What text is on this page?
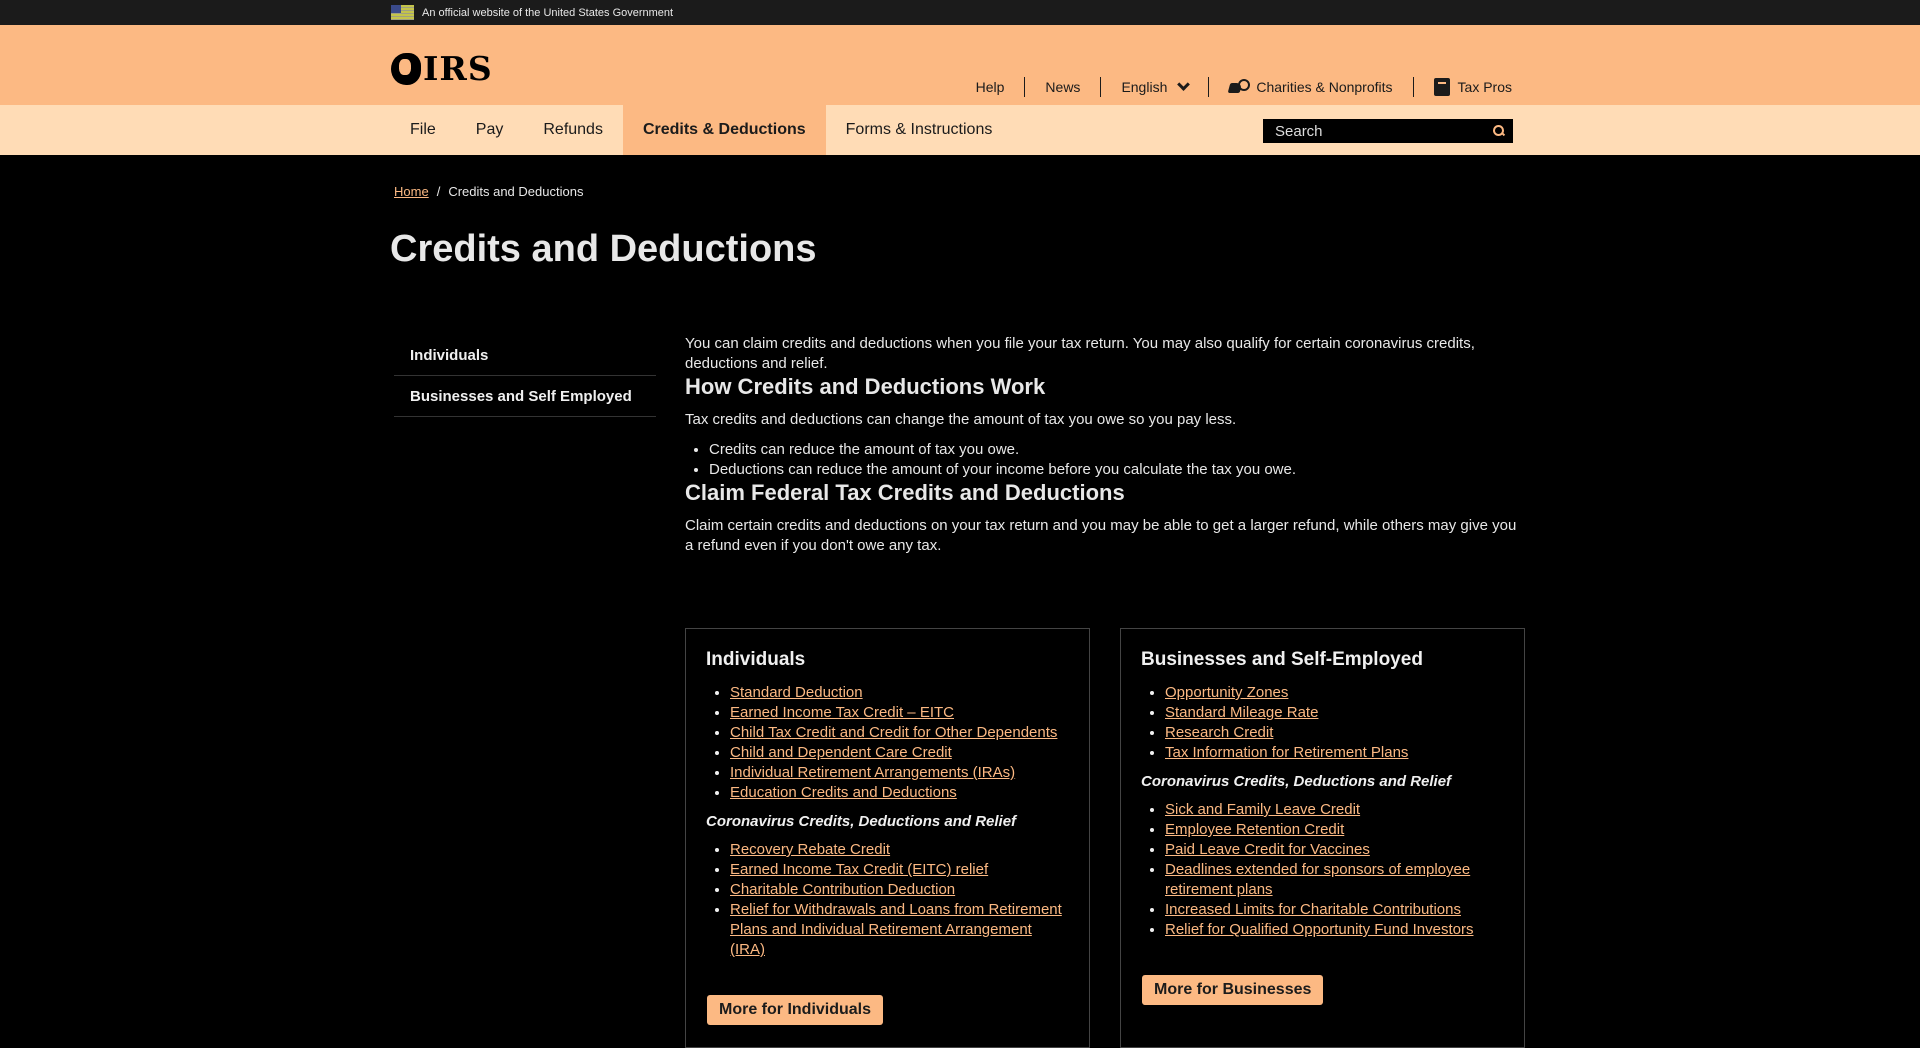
An official website of the United States Government
IRS	Help	News	English	Charities & Nonprofits	Tax Pros
File	Pay	Refunds	Credits & Deductions	Forms & Instructions
Search
Home / Credits and Deductions
Credits and Deductions
Individuals
Businesses and Self Employed

You can claim credits and deductions when you file your tax return. You may also qualify for certain coronavirus credits, deductions and relief.

How Credits and Deductions Work

Tax credits and deductions can change the amount of tax you owe so you pay less.

• Credits can reduce the amount of tax you owe.
• Deductions can reduce the amount of your income before you calculate the tax you owe.
Claim Federal Tax Credits and Deductions

Claim certain credits and deductions on your tax return and you may be able to get a larger refund, while others may give you a refund even if you don't owe any tax.

Individuals
• Standard Deduction
• Earned Income Tax Credit – EITC
• Child Tax Credit and Credit for Other Dependents
• Child and Dependent Care Credit
• Individual Retirement Arrangements (IRAs)
• Education Credits and Deductions
Coronavirus Credits, Deductions and Relief
• Recovery Rebate Credit
• Earned Income Tax Credit (EITC) relief
• Charitable Contribution Deduction
• Relief for Withdrawals and Loans from Retirement Plans and Individual Retirement Arrangement (IRA)
More for Individuals
Businesses and Self-Employed
• Opportunity Zones
• Standard Mileage Rate
• Research Credit
• Tax Information for Retirement Plans
Coronavirus Credits, Deductions and Relief
• Sick and Family Leave Credit
• Employee Retention Credit
• Paid Leave Credit for Vaccines
• Deadlines extended for sponsors of employee retirement plans
• Increased Limits for Charitable Contributions
• Relief for Qualified Opportunity Fund Investors
More for Businesses
